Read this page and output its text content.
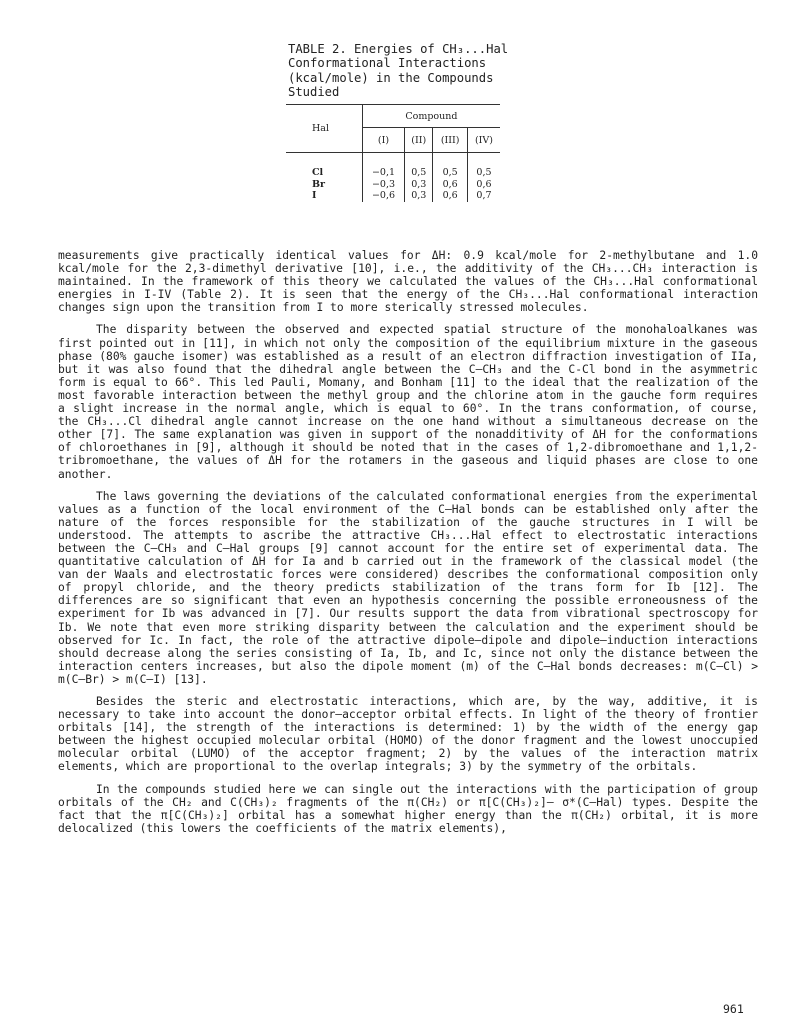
TABLE 2. Energies of CH₃...Hal
Conformational Interactions
(kcal/mole) in the Compounds
Studied
Hal	Compound			
	(I)	(II)	(III)	(IV)

Cl	−0,1	0,5	0,5	0,5
Br	−0,3	0,3	0,6	0,6
I	−0,6	0,3	0,6	0,7

measurements give practically identical values for ΔH: 0.9 kcal/mole for 2-methylbutane and 1.0 kcal/mole for the 2,3-dimethyl derivative [10], i.e., the additivity of the CH₃...CH₃ interaction is maintained. In the framework of this theory we calculated the values of the CH₃...Hal conformational energies in I-IV (Table 2). It is seen that the energy of the CH₃...Hal conformational interaction changes sign upon the transition from I to more sterically stressed molecules.

The disparity between the observed and expected spatial structure of the monohaloalkanes was first pointed out in [11], in which not only the composition of the equilibrium mixture in the gaseous phase (80% gauche isomer) was established as a result of an electron diffraction investigation of IIa, but it was also found that the dihedral angle between the C—CH₃ and the C-Cl bond in the asymmetric form is equal to 66°. This led Pauli, Momany, and Bonham [11] to the ideal that the realization of the most favorable interaction between the methyl group and the chlorine atom in the gauche form requires a slight increase in the normal angle, which is equal to 60°. In the trans conformation, of course, the CH₃...Cl dihedral angle cannot increase on the one hand without a simultaneous decrease on the other [7]. The same explanation was given in support of the nonadditivity of ΔH for the conformations of chloroethanes in [9], although it should be noted that in the cases of 1,2-dibromoethane and 1,1,2-tribromoethane, the values of ΔH for the rotamers in the gaseous and liquid phases are close to one another.

The laws governing the deviations of the calculated conformational energies from the experimental values as a function of the local environment of the C—Hal bonds can be established only after the nature of the forces responsible for the stabilization of the gauche structures in I will be understood. The attempts to ascribe the attractive CH₃...Hal effect to electrostatic interactions between the C—CH₃ and C—Hal groups [9] cannot account for the entire set of experimental data. The quantitative calculation of ΔH for Ia and b carried out in the framework of the classical model (the van der Waals and electrostatic forces were considered) describes the conformational composition only of propyl chloride, and the theory predicts stabilization of the trans form for Ib [12]. The differences are so significant that even an hypothesis concerning the possible erroneousness of the experiment for Ib was advanced in [7]. Our results support the data from vibrational spectroscopy for Ib. We note that even more striking disparity between the calculation and the experiment should be observed for Ic. In fact, the role of the attractive dipole—dipole and dipole—induction interactions should decrease along the series consisting of Ia, Ib, and Ic, since not only the distance between the interaction centers increases, but also the dipole moment (m) of the C—Hal bonds decreases: m(C—Cl) > m(C—Br) > m(C—I) [13].

Besides the steric and electrostatic interactions, which are, by the way, additive, it is necessary to take into account the donor—acceptor orbital effects. In light of the theory of frontier orbitals [14], the strength of the interactions is determined: 1) by the width of the energy gap between the highest occupied molecular orbital (HOMO) of the donor fragment and the lowest unoccupied molecular orbital (LUMO) of the acceptor fragment; 2) by the values of the interaction matrix elements, which are proportional to the overlap integrals; 3) by the symmetry of the orbitals.

In the compounds studied here we can single out the interactions with the participation of group orbitals of the CH₂ and C(CH₃)₂ fragments of the π(CH₂) or π[C(CH₃)₂]— σ*(C—Hal) types. Despite the fact that the π[C(CH₃)₂] orbital has a somewhat higher energy than the π(CH₂) orbital, it is more delocalized (this lowers the coefficients of the matrix elements),

961
